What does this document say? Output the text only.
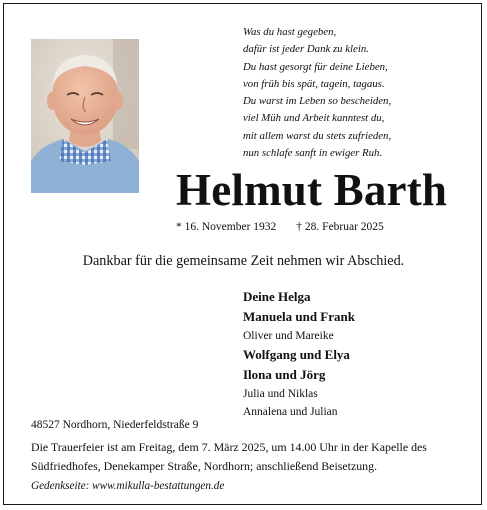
Was du hast gegeben,
dafür ist jeder Dank zu klein.
Du hast gesorgt für deine Lieben,
von früh bis spät, tagein, tagaus.
Du warst im Leben so bescheiden,
viel Müh und Arbeit kanntest du,
mit allem warst du stets zufrieden,
nun schlafe sanft in ewiger Ruh.
Helmut Barth
* 16. November 1932 † 28. Februar 2025
Dankbar für die gemeinsame Zeit nehmen wir Abschied.
Deine Helga
Manuela und Frank
Oliver und Mareike
Wolfgang und Elya
Ilona und Jörg
Julia und Niklas
Annalena und Julian
48527 Nordhorn, Niederfeldstraße 9
Die Trauerfeier ist am Freitag, dem 7. März 2025, um 14.00 Uhr in der Kapelle des Südfriedhofes, Denekamper Straße, Nordhorn; anschließend Beisetzung.
Gedenkseite: www.mikulla-bestattungen.de
